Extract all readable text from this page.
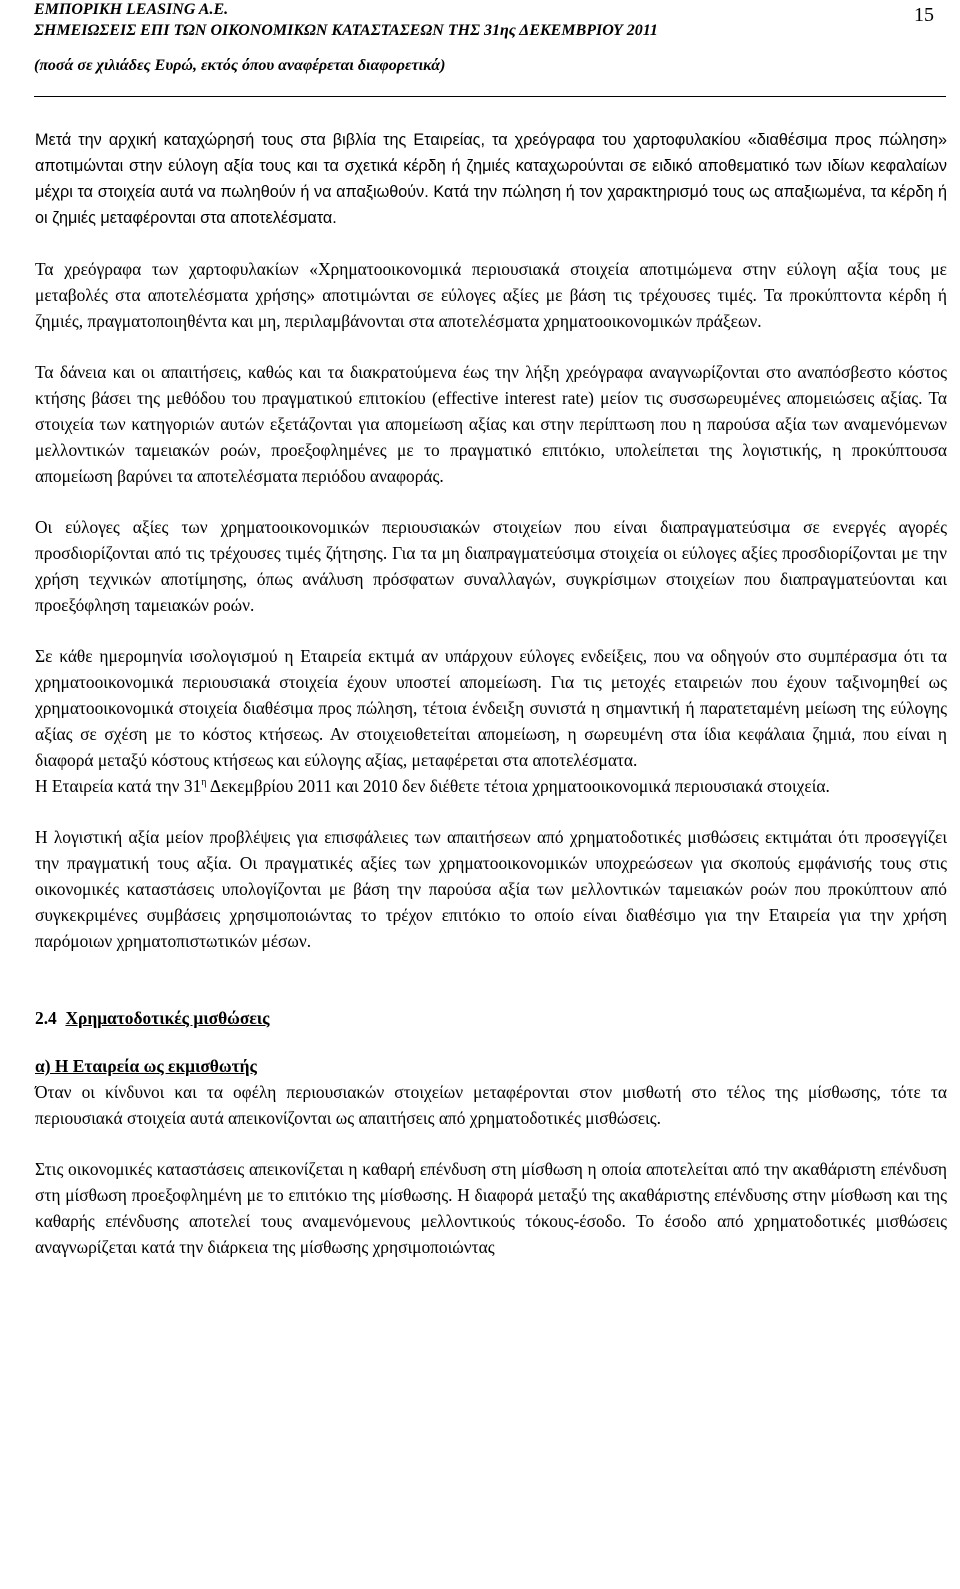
ΕΜΠΟΡΙΚΗ LEASING A.E.
ΣΗΜΕΙΩΣΕΙΣ ΕΠΙ ΤΩΝ ΟΙΚΟΝΟΜΙΚΩΝ ΚΑΤΑΣΤΑΣΕΩΝ ΤΗΣ 31ης ΔΕΚΕΜΒΡΙΟΥ 2011
(ποσά σε χιλιάδες Ευρώ, εκτός όπου αναφέρεται διαφορετικά)
15

Μετά την αρχική καταχώρησή τους στα βιβλία της Εταιρείας, τα χρεόγραφα του χαρτοφυλακίου «διαθέσιμα προς πώληση» αποτιμώνται στην εύλογη αξία τους και τα σχετικά κέρδη ή ζημιές καταχωρούνται σε ειδικό αποθεματικό των ιδίων κεφαλαίων μέχρι τα στοιχεία αυτά να πωληθούν ή να απαξιωθούν. Κατά την πώληση ή τον χαρακτηρισμό τους ως απαξιωμένα, τα κέρδη ή οι ζημιές μεταφέρονται στα αποτελέσματα.

Τα χρεόγραφα των χαρτοφυλακίων «Χρηματοοικονομικά περιουσιακά στοιχεία αποτιμώμενα στην εύλογη αξία τους με μεταβολές στα αποτελέσματα χρήσης» αποτιμώνται σε εύλογες αξίες με βάση τις τρέχουσες τιμές. Τα προκύπτοντα κέρδη ή ζημιές, πραγματοποιηθέντα και μη, περιλαμβάνονται στα αποτελέσματα χρηματοοικονομικών πράξεων.

Τα δάνεια και οι απαιτήσεις, καθώς και τα διακρατούμενα έως την λήξη χρεόγραφα αναγνωρίζονται στο αναπόσβεστο κόστος κτήσης βάσει της μεθόδου του πραγματικού επιτοκίου (effective interest rate) μείον τις συσσωρευμένες απομειώσεις αξίας. Τα στοιχεία των κατηγοριών αυτών εξετάζονται για απομείωση αξίας και στην περίπτωση που η παρούσα αξία των αναμενόμενων μελλοντικών ταμειακών ροών, προεξοφλημένες με το πραγματικό επιτόκιο, υπολείπεται της λογιστικής, η προκύπτουσα απομείωση βαρύνει τα αποτελέσματα περιόδου αναφοράς.

Οι εύλογες αξίες των χρηματοοικονομικών περιουσιακών στοιχείων που είναι διαπραγματεύσιμα σε ενεργές αγορές προσδιορίζονται από τις τρέχουσες τιμές ζήτησης. Για τα μη διαπραγματεύσιμα στοιχεία οι εύλογες αξίες προσδιορίζονται με την χρήση τεχνικών αποτίμησης, όπως ανάλυση πρόσφατων συναλλαγών, συγκρίσιμων στοιχείων που διαπραγματεύονται και προεξόφληση ταμειακών ροών.

Σε κάθε ημερομηνία ισολογισμού η Εταιρεία εκτιμά αν υπάρχουν εύλογες ενδείξεις, που να οδηγούν στο συμπέρασμα ότι τα χρηματοοικονομικά περιουσιακά στοιχεία έχουν υποστεί απομείωση. Για τις μετοχές εταιρειών που έχουν ταξινομηθεί ως χρηματοοικονομικά στοιχεία διαθέσιμα προς πώληση, τέτοια ένδειξη συνιστά η σημαντική ή παρατεταμένη μείωση της εύλογης αξίας σε σχέση με το κόστος κτήσεως. Αν στοιχειοθετείται απομείωση, η σωρευμένη στα ίδια κεφάλαια ζημιά, που είναι η διαφορά μεταξύ κόστους κτήσεως και εύλογης αξίας, μεταφέρεται στα αποτελέσματα.

Η Εταιρεία κατά την $31^\eta$ Δεκεμβρίου 2011 και 2010 δεν διέθετε τέτοια χρηματοοικονομικά περιουσιακά στοιχεία.

Η λογιστική αξία μείον προβλέψεις για επισφάλειες των απαιτήσεων από χρηματοδοτικές μισθώσεις εκτιμάται ότι προσεγγίζει την πραγματική τους αξία. Οι πραγματικές αξίες των χρηματοοικονομικών υποχρεώσεων για σκοπούς εμφάνισής τους στις οικονομικές καταστάσεις υπολογίζονται με βάση την παρούσα αξία των μελλοντικών ταμειακών ροών που προκύπτουν από συγκεκριμένες συμβάσεις χρησιμοποιώντας το τρέχον επιτόκιο το οποίο είναι διαθέσιμο για την Εταιρεία για την χρήση παρόμοιων χρηματοπιστωτικών μέσων.

2.4 Χρηματοδοτικές μισθώσεις

α) Η Εταιρεία ως εκμισθωτής

Όταν οι κίνδυνοι και τα οφέλη περιουσιακών στοιχείων μεταφέρονται στον μισθωτή στο τέλος της μίσθωσης, τότε τα περιουσιακά στοιχεία αυτά απεικονίζονται ως απαιτήσεις από χρηματοδοτικές μισθώσεις.

Στις οικονομικές καταστάσεις απεικονίζεται η καθαρή επένδυση στη μίσθωση η οποία αποτελείται από την ακαθάριστη επένδυση στη μίσθωση προεξοφλημένη με το επιτόκιο της μίσθωσης. Η διαφορά μεταξύ της ακαθάριστης επένδυσης στην μίσθωση και της καθαρής επένδυσης αποτελεί τους αναμενόμενους μελλοντικούς τόκους-έσοδο. Το έσοδο από χρηματοδοτικές μισθώσεις αναγνωρίζεται κατά την διάρκεια της μίσθωσης χρησιμοποιώντας
